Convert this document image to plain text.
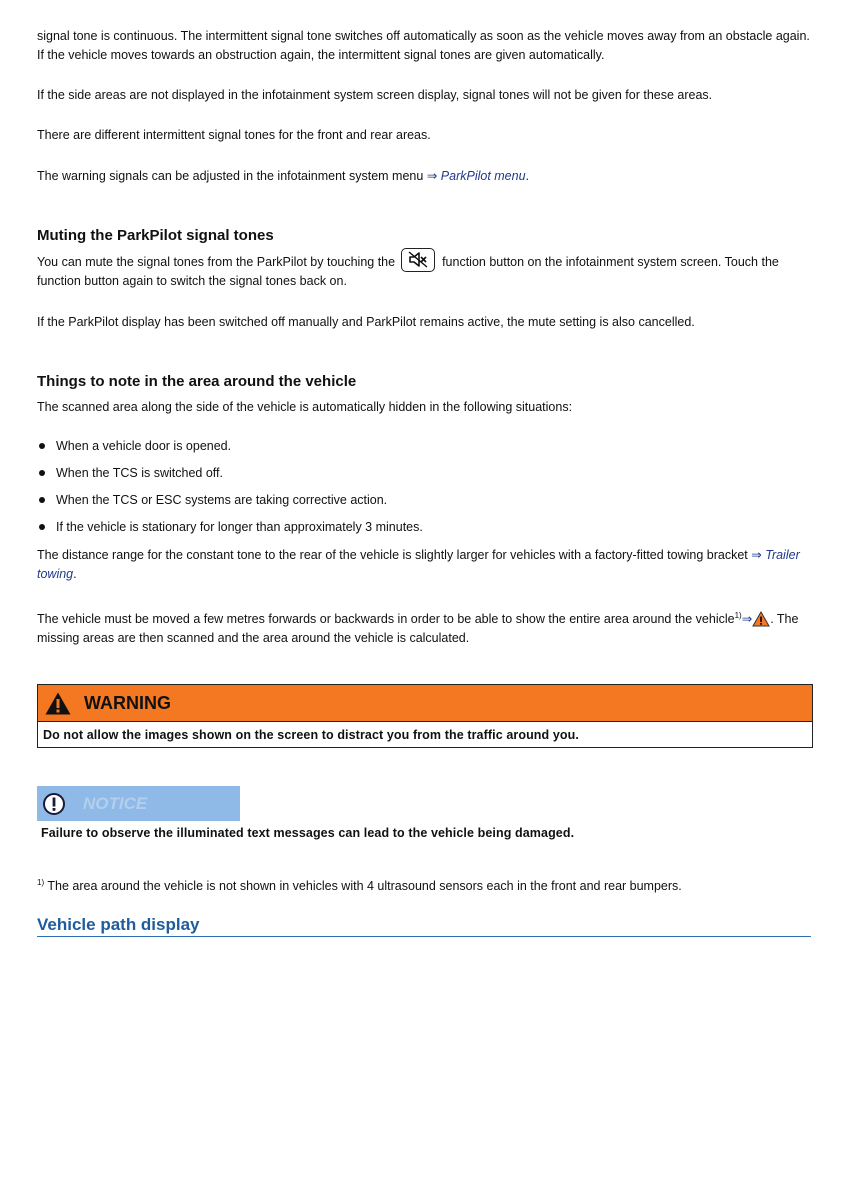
signal tone is continuous. The intermittent signal tone switches off automatically as soon as the vehicle moves away from an obstacle again. If the vehicle moves towards an obstruction again, the intermittent signal tones are given automatically.

If the side areas are not displayed in the infotainment system screen display, signal tones will not be given for these areas.

There are different intermittent signal tones for the front and rear areas.

The warning signals can be adjusted in the infotainment system menu ⇒ ParkPilot menu.

Muting the ParkPilot signal tones

You can mute the signal tones from the ParkPilot by touching the	function button on the infotainment system screen. Touch the function button again to switch the signal tones back on.

If the ParkPilot display has been switched off manually and ParkPilot remains active, the mute setting is also cancelled.

Things to note in the area around the vehicle

The scanned area along the side of the vehicle is automatically hidden in the following situations:

When a vehicle door is opened.
When the TCS is switched off.
When the TCS or ESC systems are taking corrective action.
If the vehicle is stationary for longer than approximately 3 minutes.

The distance range for the constant tone to the rear of the vehicle is slightly larger for vehicles with a factory-fitted towing bracket ⇒ Trailer towing.

The vehicle must be moved a few metres forwards or backwards in order to be able to show the entire area around the vehicle$^{1)}$⇒ . The missing areas are then scanned and the area around the vehicle is calculated.

WARNING
Do not allow the images shown on the screen to distract you from the traffic around you.
NOTICE
Failure to observe the illuminated text messages can lead to the vehicle being damaged.
$^{1)}$ The area around the vehicle is not shown in vehicles with 4 ultrasound sensors each in the front and rear bumpers.
Vehicle path display
